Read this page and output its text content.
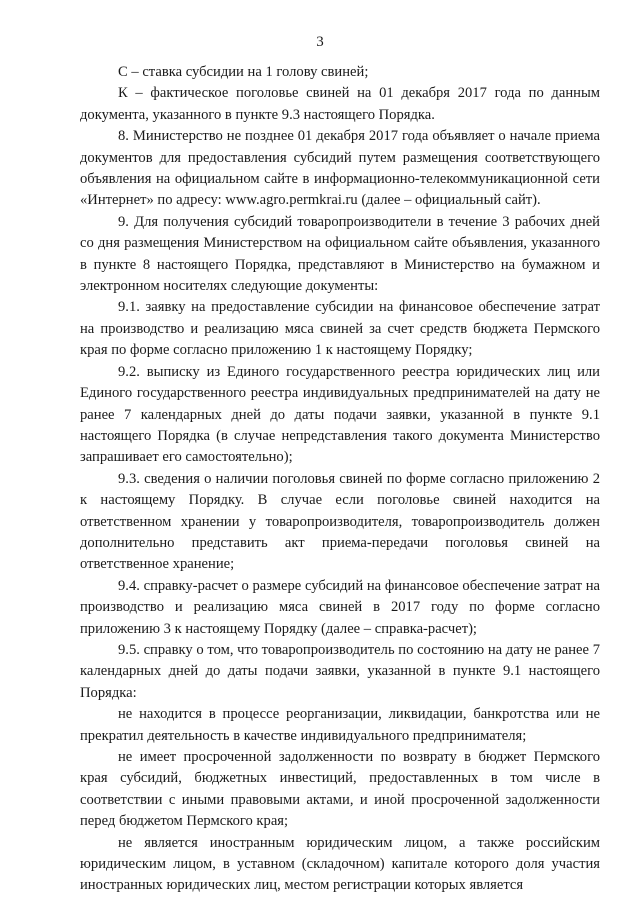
3

С – ставка субсидии на 1 голову свиней;

К – фактическое поголовье свиней на 01 декабря 2017 года по данным документа, указанного в пункте 9.3 настоящего Порядка.

8. Министерство не позднее 01 декабря 2017 года объявляет о начале приема документов для предоставления субсидий путем размещения соответствующего объявления на официальном сайте в информационно-телекоммуникационной сети «Интернет» по адресу: www.agro.permkrai.ru (далее – официальный сайт).

9. Для получения субсидий товаропроизводители в течение 3 рабочих дней со дня размещения Министерством на официальном сайте объявления, указанного в пункте 8 настоящего Порядка, представляют в Министерство на бумажном и электронном носителях следующие документы:

9.1. заявку на предоставление субсидии на финансовое обеспечение затрат на производство и реализацию мяса свиней за счет средств бюджета Пермского края по форме согласно приложению 1 к настоящему Порядку;

9.2. выписку из Единого государственного реестра юридических лиц или Единого государственного реестра индивидуальных предпринимателей на дату не ранее 7 календарных дней до даты подачи заявки, указанной в пункте 9.1 настоящего Порядка (в случае непредставления такого документа Министерство запрашивает его самостоятельно);

9.3. сведения о наличии поголовья свиней по форме согласно приложению 2 к настоящему Порядку. В случае если поголовье свиней находится на ответственном хранении у товаропроизводителя, товаропроизводитель должен дополнительно представить акт приема-передачи поголовья свиней на ответственное хранение;

9.4. справку-расчет о размере субсидий на финансовое обеспечение затрат на производство и реализацию мяса свиней в 2017 году по форме согласно приложению 3 к настоящему Порядку (далее – справка-расчет);

9.5. справку о том, что товаропроизводитель по состоянию на дату не ранее 7 календарных дней до даты подачи заявки, указанной в пункте 9.1 настоящего Порядка:

не находится в процессе реорганизации, ликвидации, банкротства или не прекратил деятельность в качестве индивидуального предпринимателя;

не имеет просроченной задолженности по возврату в бюджет Пермского края субсидий, бюджетных инвестиций, предоставленных в том числе в соответствии с иными правовыми актами, и иной просроченной задолженности перед бюджетом Пермского края;

не является иностранным юридическим лицом, а также российским юридическим лицом, в уставном (складочном) капитале которого доля участия иностранных юридических лиц, местом регистрации которых является
